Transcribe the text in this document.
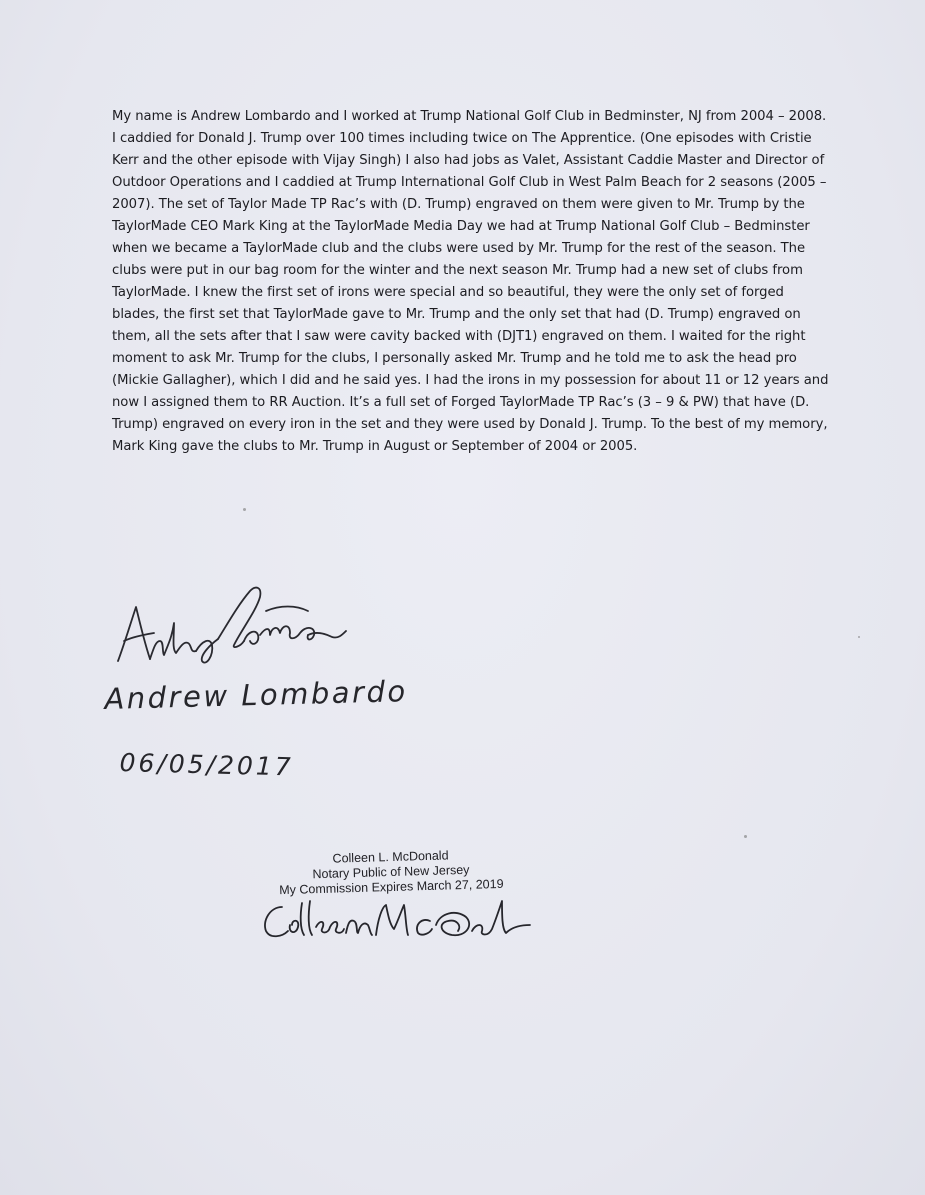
My name is Andrew Lombardo and I worked at Trump National Golf Club in Bedminster, NJ from 2004 – 2008. I caddied for Donald J. Trump over 100 times including twice on The Apprentice. (One episodes with Cristie Kerr and the other episode with Vijay Singh) I also had jobs as Valet, Assistant Caddie Master and Director of Outdoor Operations and I caddied at Trump International Golf Club in West Palm Beach for 2 seasons (2005 – 2007). The set of Taylor Made TP Rac’s with (D. Trump) engraved on them were given to Mr. Trump by the TaylorMade CEO Mark King at the TaylorMade Media Day we had at Trump National Golf Club – Bedminster when we became a TaylorMade club and the clubs were used by Mr. Trump for the rest of the season. The clubs were put in our bag room for the winter and the next season Mr. Trump had a new set of clubs from TaylorMade. I knew the first set of irons were special and so beautiful, they were the only set of forged blades, the first set that TaylorMade gave to Mr. Trump and the only set that had (D. Trump) engraved on them, all the sets after that I saw were cavity backed with (DJT1) engraved on them. I waited for the right moment to ask Mr. Trump for the clubs, I personally asked Mr. Trump and he told me to ask the head pro (Mickie Gallagher), which I did and he said yes. I had the irons in my possession for about 11 or 12 years and now I assigned them to RR Auction. It’s a full set of Forged TaylorMade TP Rac’s (3 – 9 & PW) that have (D. Trump) engraved on every iron in the set and they were used by Donald J. Trump. To the best of my memory, Mark King gave the clubs to Mr. Trump in August or September of 2004 or 2005.

Andrew Lombardo
06/05/2017
Colleen L. McDonald
Notary Public of New Jersey
My Commission Expires March 27, 2019
